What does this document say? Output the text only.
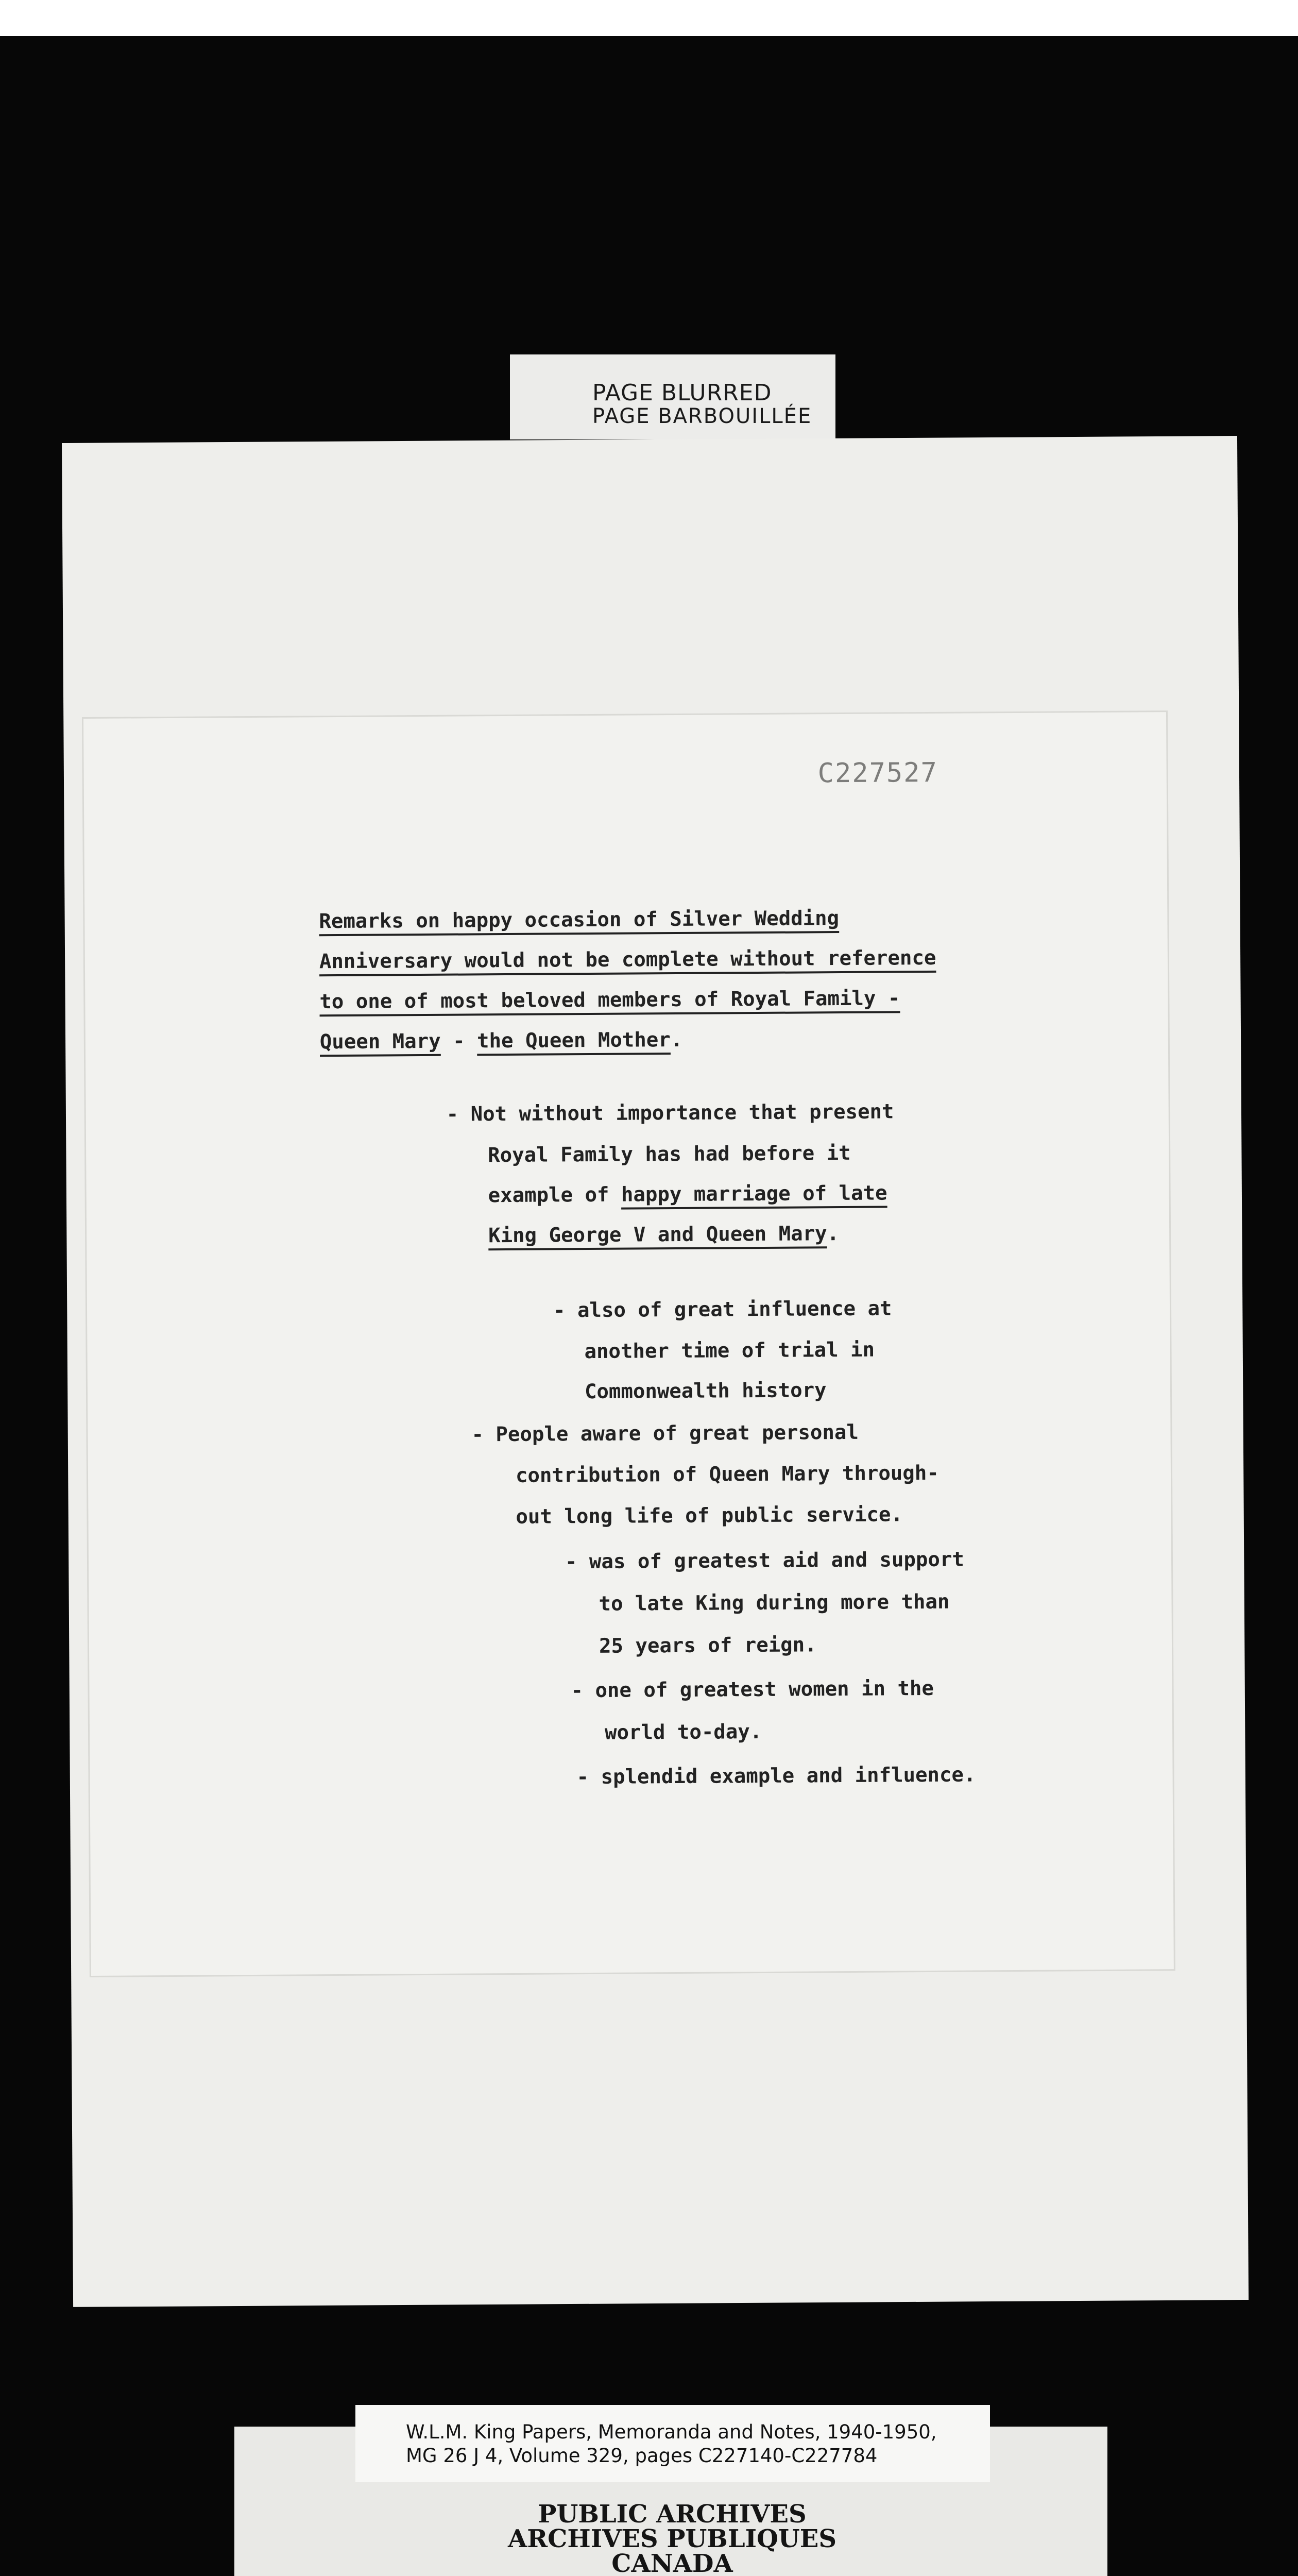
PAGE BLURRED
PAGE BARBOUILLÉE
C227527
Remarks on happy occasion of Silver Wedding
Anniversary would not be complete without reference
to one of most beloved members of Royal Family -
Queen Mary - the Queen Mother.
- Not without importance that present
Royal Family has had before it
example of happy marriage of late
King George V and Queen Mary.
- also of great influence at
another time of trial in
Commonwealth history
- People aware of great personal
contribution of Queen Mary through-
out long life of public service.
- was of greatest aid and support
to late King during more than
25 years of reign.
- one of greatest women in the
world to-day.
- splendid example and influence.
W.L.M. King Papers, Memoranda and Notes, 1940-1950,
MG 26 J 4, Volume 329, pages C227140-C227784
PUBLIC ARCHIVES
ARCHIVES PUBLIQUES
CANADA
